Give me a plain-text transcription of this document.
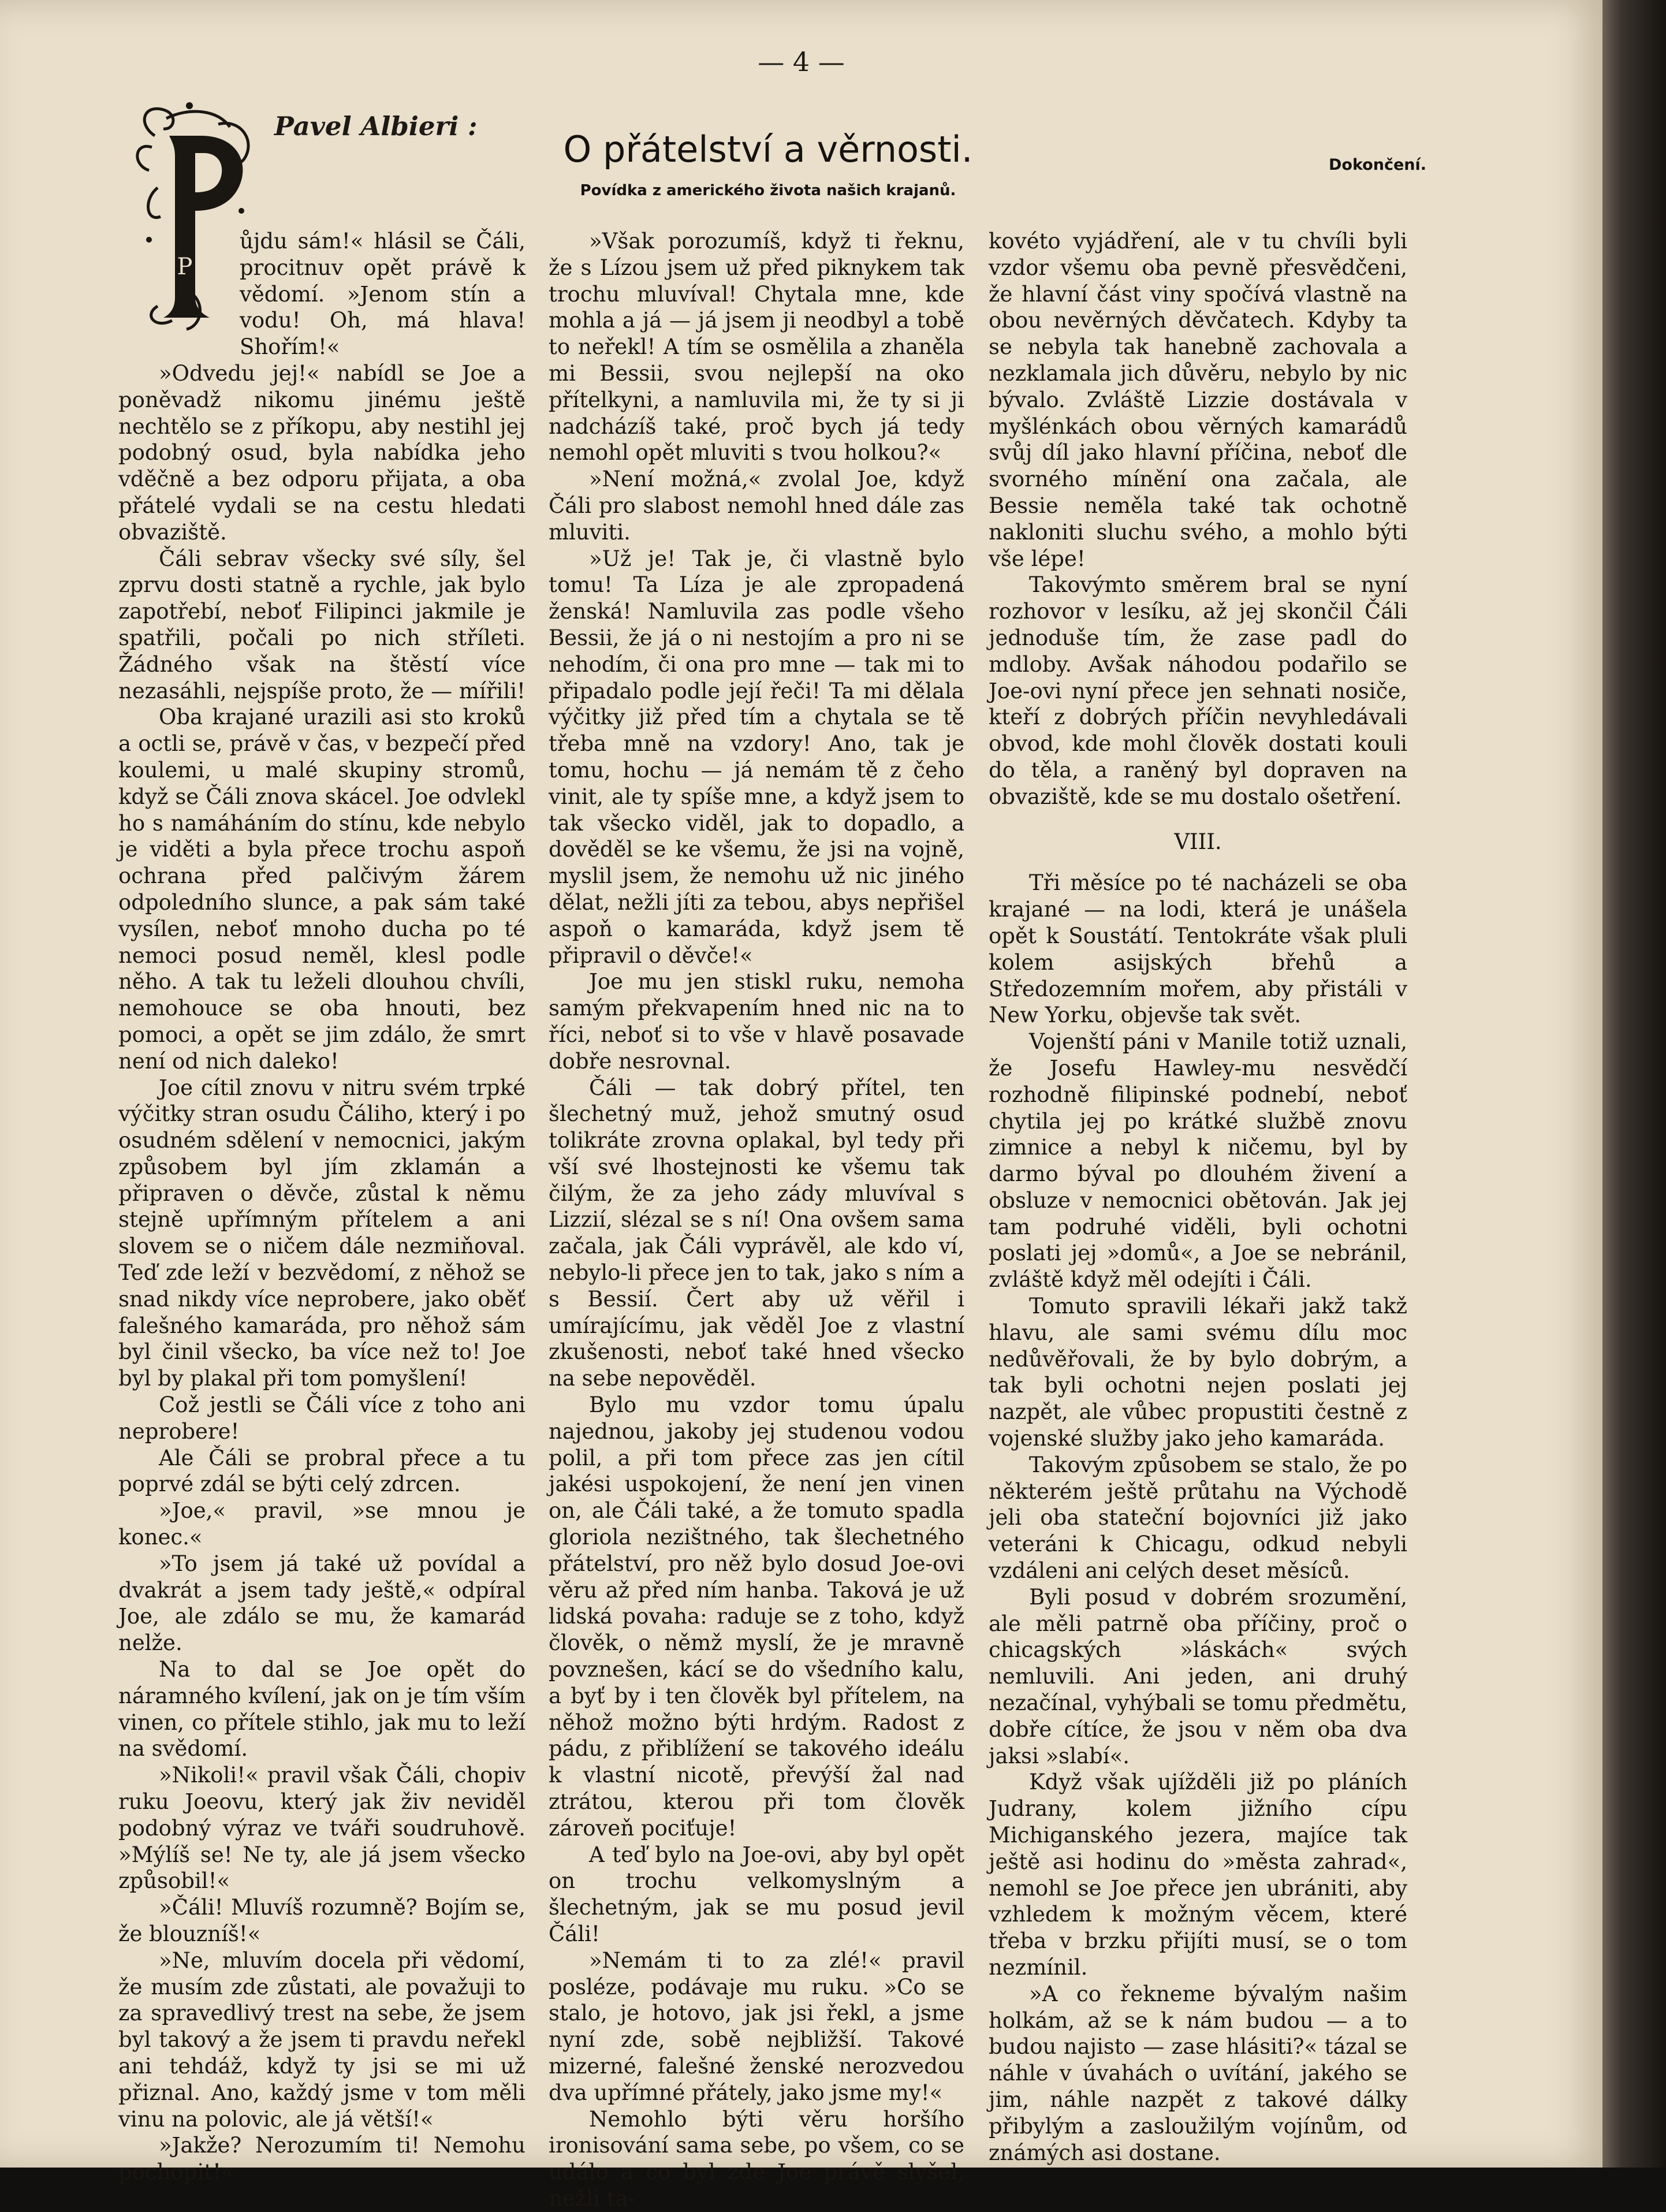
— 4 —
Pavel Albieri :
O přátelství a věrnosti.
Povídka z amerického života našich krajanů.
Dokončení.
P

ůjdu sám!« hlásil se Čáli, procitnuv opět právě k vědomí. »Jenom stín a vodu! Oh, má hlava! Shořím!«

»Odvedu jej!« nabídl se Joe a poněvadž nikomu jinému ještě nechtělo se z příkopu, aby nestihl jej podobný osud, byla nabídka jeho vděčně a bez odporu přijata, a oba přátelé vydali se na cestu hledati obvaziště.

Čáli sebrav všecky své síly, šel zprvu dosti statně a rychle, jak bylo zapotřebí, neboť Filipinci jakmile je spatřili, počali po nich stříleti. Žádného však na štěstí více nezasáhli, nejspíše proto, že — mířili!

Oba krajané urazili asi sto kroků a octli se, právě v čas, v bezpečí před koulemi, u malé skupiny stromů, když se Čáli znova skácel. Joe odvlekl ho s namáháním do stínu, kde nebylo je viděti a byla přece trochu aspoň ochrana před palčivým žárem odpoledního slunce, a pak sám také vysílen, neboť mnoho ducha po té nemoci posud neměl, klesl podle něho. A tak tu leželi dlouhou chvíli, nemohouce se oba hnouti, bez pomoci, a opět se jim zdálo, že smrt není od nich daleko!

Joe cítil znovu v nitru svém trpké výčitky stran osudu Čáliho, který i po osudném sdělení v nemocnici, jakým způsobem byl jím zklamán a připraven o děvče, zůstal k němu stejně upřímným přítelem a ani slovem se o ničem dále nezmiňoval. Teď zde leží v bezvědomí, z něhož se snad nikdy více neprobere, jako oběť falešného kamaráda, pro něhož sám byl činil všecko, ba více než to! Joe byl by plakal při tom pomyšlení!

Což jestli se Čáli více z toho ani neprobere!

Ale Čáli se probral přece a tu poprvé zdál se býti celý zdrcen.

»Joe,« pravil, »se mnou je konec.«

»To jsem já také už povídal a dvakrát a jsem tady ještě,« odpíral Joe, ale zdálo se mu, že kamarád nelže.

Na to dal se Joe opět do náramného kvílení, jak on je tím vším vinen, co přítele stihlo, jak mu to leží na svědomí.

»Nikoli!« pravil však Čáli, chopiv ruku Joeovu, který jak živ neviděl podobný výraz ve tváři soudruhově. »Mýlíš se! Ne ty, ale já jsem všecko způsobil!«

»Čáli! Mluvíš rozumně? Bojím se, že blouzníš!«

»Ne, mluvím docela při vědomí, že musím zde zůstati, ale považuji to za spravedlivý trest na sebe, že jsem byl takový a že jsem ti pravdu neřekl ani tehdáž, když ty jsi se mi už přiznal. Ano, každý jsme v tom měli vinu na polovic, ale já větší!«

»Jakže? Nerozumím ti! Nemohu pochopit!«

»Však porozumíš, když ti řeknu, že s Lízou jsem už před piknykem tak trochu mluvíval! Chytala mne, kde mohla a já — já jsem ji neodbyl a tobě to neřekl! A tím se osmělila a zhaněla mi Bessii, svou nejlepší na oko přítelkyni, a namluvila mi, že ty si ji nadcházíš také, proč bych já tedy nemohl opět mluviti s tvou holkou?«

»Není možná,« zvolal Joe, když Čáli pro slabost nemohl hned dále zas mluviti.

»Už je! Tak je, či vlastně bylo tomu! Ta Líza je ale zpropadená ženská! Namluvila zas podle všeho Bessii, že já o ni nestojím a pro ni se nehodím, či ona pro mne — tak mi to připadalo podle její řeči! Ta mi dělala výčitky již před tím a chytala se tě třeba mně na vzdory! Ano, tak je tomu, hochu — já nemám tě z čeho vinit, ale ty spíše mne, a když jsem to tak všecko viděl, jak to dopadlo, a dověděl se ke všemu, že jsi na vojně, myslil jsem, že nemohu už nic jiného dělat, nežli jíti za tebou, abys nepřišel aspoň o kamaráda, když jsem tě připravil o děvče!«

Joe mu jen stiskl ruku, nemoha samým překvapením hned nic na to říci, neboť si to vše v hlavě posavade dobře nesrovnal.

Čáli — tak dobrý přítel, ten šlechetný muž, jehož smutný osud tolikráte zrovna oplakal, byl tedy při vší své lhostejnosti ke všemu tak čilým, že za jeho zády mluvíval s Lizzií, slézal se s ní! Ona ovšem sama začala, jak Čáli vyprávěl, ale kdo ví, nebylo-li přece jen to tak, jako s ním a s Bessií. Čert aby už věřil i umírajícímu, jak věděl Joe z vlastní zkušenosti, neboť také hned všecko na sebe nepověděl.

Bylo mu vzdor tomu úpalu najednou, jakoby jej studenou vodou polil, a při tom přece zas jen cítil jakési uspokojení, že není jen vinen on, ale Čáli také, a že tomuto spadla gloriola nezištného, tak šlechetného přátelství, pro něž bylo dosud Joe-ovi věru až před ním hanba. Taková je už lidská povaha: raduje se z toho, když člověk, o němž myslí, že je mravně povznešen, kácí se do všedního kalu, a byť by i ten člověk byl přítelem, na něhož možno býti hrdým. Radost z pádu, z přiblížení se takového ideálu k vlastní nicotě, převýší žal nad ztrátou, kterou při tom člověk zároveň pociťuje!

A teď bylo na Joe-ovi, aby byl opět on trochu velkomyslným a šlechetným, jak se mu posud jevil Čáli!

»Nemám ti to za zlé!« pravil posléze, podávaje mu ruku. »Co se stalo, je hotovo, jak jsi řekl, a jsme nyní zde, sobě nejbližší. Takové mizerné, falešné ženské nerozvedou dva upřímné přátely, jako jsme my!«

Nemohlo býti věru horšího ironisování sama sebe, po všem, co se událo a co byl zde Joe právě slyšel, nežli ta-

kovéto vyjádření, ale v tu chvíli byli vzdor všemu oba pevně přesvědčeni, že hlavní část viny spočívá vlastně na obou nevěrných děvčatech. Kdyby ta se nebyla tak hanebně zachovala a nezklamala jich důvěru, nebylo by nic bývalo. Zvláště Lizzie dostávala v myšlénkách obou věrných kamarádů svůj díl jako hlavní příčina, neboť dle svorného mínění ona začala, ale Bessie neměla také tak ochotně nakloniti sluchu svého, a mohlo býti vše lépe!

Takovýmto směrem bral se nyní rozhovor v lesíku, až jej skončil Čáli jednoduše tím, že zase padl do mdloby. Avšak náhodou podařilo se Joe-ovi nyní přece jen sehnati nosiče, kteří z dobrých příčin nevyhledávali obvod, kde mohl člověk dostati kouli do těla, a raněný byl dopraven na obvaziště, kde se mu dostalo ošetření.

VIII.

Tři měsíce po té nacházeli se oba krajané — na lodi, která je unášela opět k Soustátí. Tentokráte však pluli kolem asijských břehů a Středozemním mořem, aby přistáli v New Yorku, objevše tak svět.

Vojenští páni v Manile totiž uznali, že Josefu Hawley-mu nesvědčí rozhodně filipinské podnebí, neboť chytila jej po krátké službě znovu zimnice a nebyl k ničemu, byl by darmo býval po dlouhém živení a obsluze v nemocnici obětován. Jak jej tam podruhé viděli, byli ochotni poslati jej »domů«, a Joe se nebránil, zvláště když měl odejíti i Čáli.

Tomuto spravili lékaři jakž takž hlavu, ale sami svému dílu moc nedůvěřovali, že by bylo dobrým, a tak byli ochotni nejen poslati jej nazpět, ale vůbec propustiti čestně z vojenské služby jako jeho kamaráda.

Takovým způsobem se stalo, že po některém ještě průtahu na Východě jeli oba stateční bojovníci již jako veteráni k Chicagu, odkud nebyli vzdáleni ani celých deset měsíců.

Byli posud v dobrém srozumění, ale měli patrně oba příčiny, proč o chicagských »láskách« svých nemluvili. Ani jeden, ani druhý nezačínal, vyhýbali se tomu předmětu, dobře cítíce, že jsou v něm oba dva jaksi »slabí«.

Když však ujížděli již po pláních Judrany, kolem jižního cípu Michiganského jezera, majíce tak ještě asi hodinu do »města zahrad«, nemohl se Joe přece jen ubrániti, aby vzhledem k možným věcem, které třeba v brzku přijíti musí, se o tom nezmínil.

»A co řekneme bývalým našim holkám, až se k nám budou — a to budou najisto — zase hlásiti?« tázal se náhle v úvahách o uvítání, jakého se jim, náhle nazpět z takové dálky přibylým a zasloužilým vojínům, od známých asi dostane.
